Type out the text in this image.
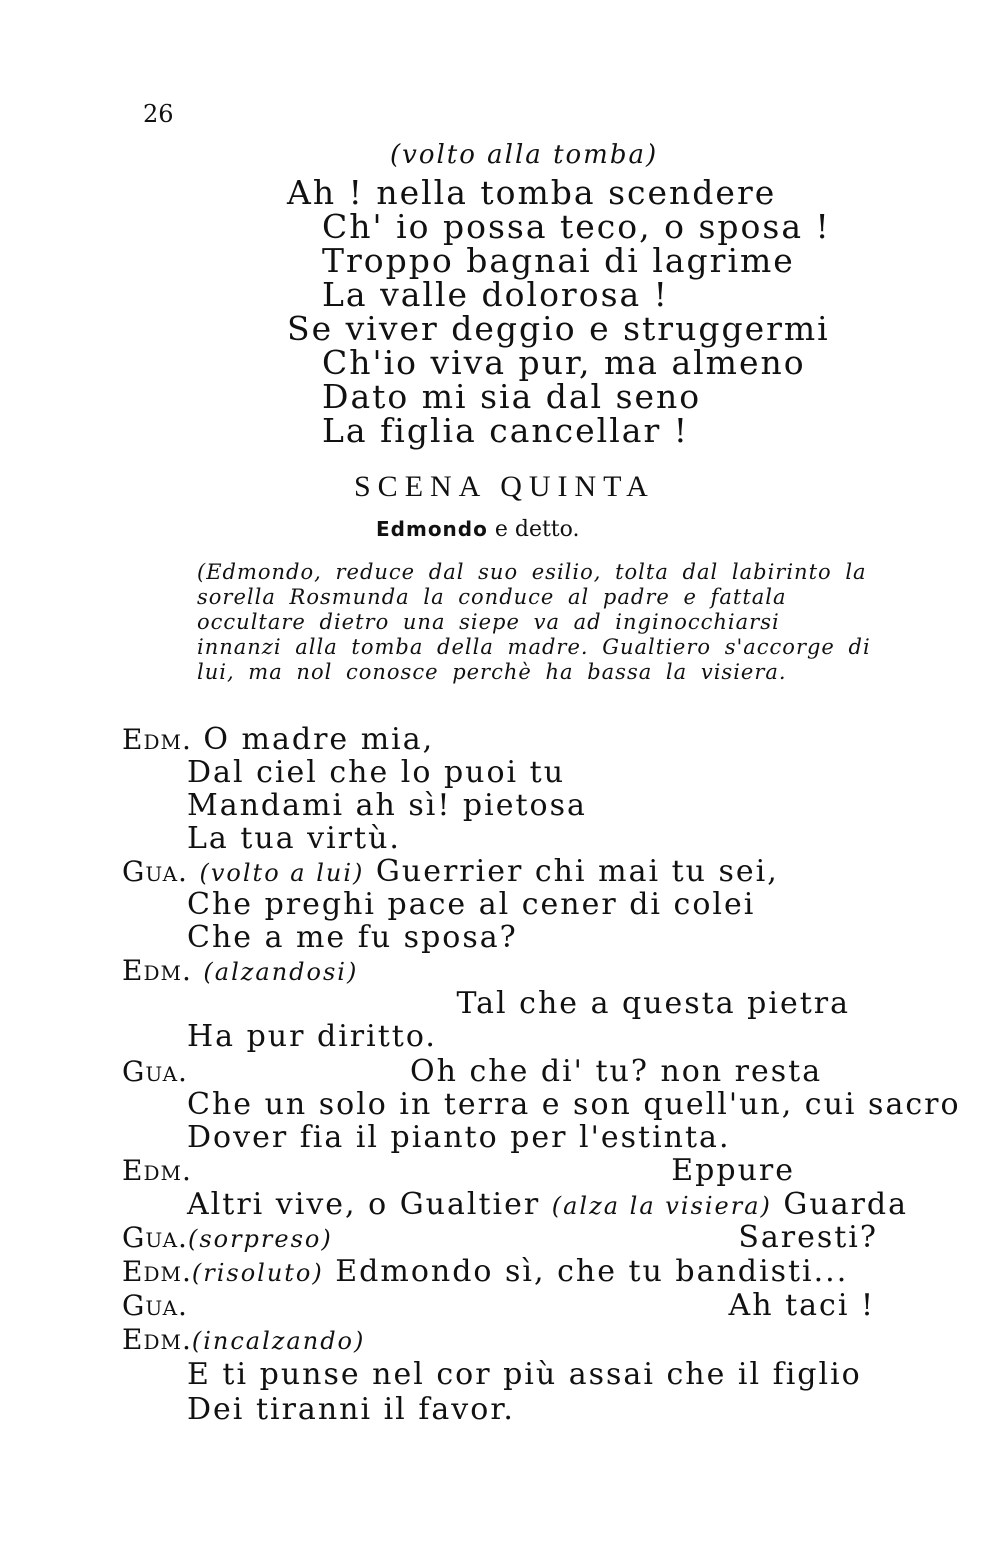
26
(volto alla tomba)
Ah ! nella tomba scendere
Ch' io possa teco, o sposa !
Troppo bagnai di lagrime
La valle dolorosa !
Se viver deggio e struggermi
Ch'io viva pur, ma almeno
Dato mi sia dal seno
La figlia cancellar !
SCENA QUINTA
Edmondo e detto.
(Edmondo, reduce dal suo esilio, tolta dal labirinto la sorella Rosmunda la conduce al padre e fattala occultare dietro una siepe va ad inginocchiarsi innanzi alla tomba della madre. Gualtiero s'accorge di lui, ma nol conosce perchè ha bassa la visiera.
Edm. O madre mia,
Dal ciel che lo puoi tu
Mandami ah sì! pietosa
La tua virtù.
Gua. (volto a lui) Guerrier chi mai tu sei,
Che preghi pace al cener di colei
Che a me fu sposa?
Edm. (alzandosi)
Tal che a questa pietra
Ha pur diritto.
Gua.	Oh che di' tu? non resta
Che un solo in terra e son quell'un, cui sacro
Dover fia il pianto per l'estinta.
Edm.	Eppure
Altri vive, o Gualtier (alza la visiera) Guarda
Gua.(sorpreso)	Saresti?
Edm.(risoluto) Edmondo sì, che tu bandisti...
Gua.	Ah taci !
Edm.(incalzando)
E ti punse nel cor più assai che il figlio
Dei tiranni il favor.
